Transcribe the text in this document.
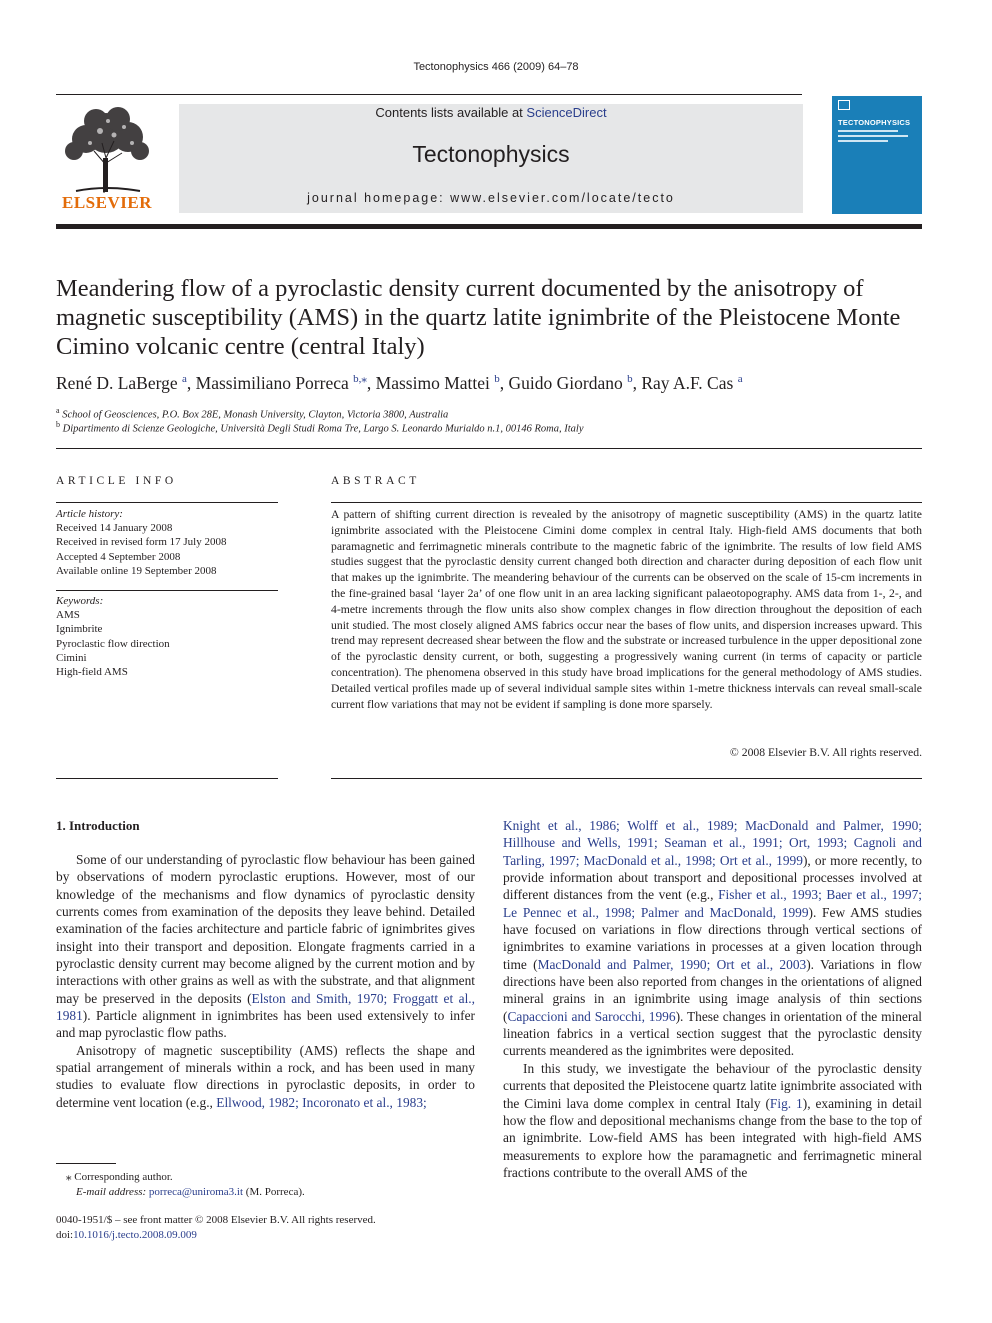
Tectonophysics 466 (2009) 64–78
ELSEVIER
Contents lists available at ScienceDirect
Tectonophysics
journal homepage: www.elsevier.com/locate/tecto
TECTONOPHYSICS
Meandering flow of a pyroclastic density current documented by the anisotropy of magnetic susceptibility (AMS) in the quartz latite ignimbrite of the Pleistocene Monte Cimino volcanic centre (central Italy)
René D. LaBerge $^a$, Massimiliano Porreca $^{b,⁎}$, Massimo Mattei $^b$, Guido Giordano $^b$, Ray A.F. Cas $^a$
$^a$ School of Geosciences, P.O. Box 28E, Monash University, Clayton, Victoria 3800, Australia
$^b$ Dipartimento di Scienze Geologiche, Università Degli Studi Roma Tre, Largo S. Leonardo Murialdo n.1, 00146 Roma, Italy
ARTICLE INFO	ABSTRACT
Article history:
Received 14 January 2008
Received in revised form 17 July 2008
Accepted 4 September 2008
Available online 19 September 2008
Keywords:
AMS
Ignimbrite
Pyroclastic flow direction
Cimini
High-field AMS
A pattern of shifting current direction is revealed by the anisotropy of magnetic susceptibility (AMS) in the quartz latite ignimbrite associated with the Pleistocene Cimini dome complex in central Italy. High-field AMS documents that both paramagnetic and ferrimagnetic minerals contribute to the magnetic fabric of the ignimbrite. The results of low field AMS studies suggest that the pyroclastic density current changed both direction and character during deposition of each flow unit that makes up the ignimbrite. The meandering behaviour of the currents can be observed on the scale of 15-cm increments in the fine-grained basal ‘layer 2a’ of one flow unit in an area lacking significant palaeotopography. AMS data from 1-, 2-, and 4-metre increments through the flow units also show complex changes in flow direction throughout the deposition of each unit studied. The most closely aligned AMS fabrics occur near the bases of flow units, and dispersion increases upward. This trend may represent decreased shear between the flow and the substrate or increased turbulence in the upper depositional zone of the pyroclastic density current, or both, suggesting a progressively waning current (in terms of capacity or particle concentration). The phenomena observed in this study have broad implications for the general methodology of AMS studies. Detailed vertical profiles made up of several individual sample sites within 1-metre thickness intervals can reveal small-scale current flow variations that may not be evident if sampling is done more sparsely.
© 2008 Elsevier B.V. All rights reserved.
1. Introduction

Some of our understanding of pyroclastic flow behaviour has been gained by observations of modern pyroclastic eruptions. However, most of our knowledge of the mechanisms and flow dynamics of pyroclastic density currents comes from examination of the deposits they leave behind. Detailed examination of the facies architecture and particle fabric of ignimbrites gives insight into their transport and deposition. Elongate fragments carried in a pyroclastic density current may become aligned by the current motion and by interactions with other grains as well as with the substrate, and that alignment may be preserved in the deposits (Elston and Smith, 1970; Froggatt et al., 1981). Particle alignment in ignimbrites has been used extensively to infer and map pyroclastic flow paths.

Anisotropy of magnetic susceptibility (AMS) reflects the shape and spatial arrangement of minerals within a rock, and has been used in many studies to evaluate flow directions in pyroclastic deposits, in order to determine vent location (e.g., Ellwood, 1982; Incoronato et al., 1983;

Knight et al., 1986; Wolff et al., 1989; MacDonald and Palmer, 1990; Hillhouse and Wells, 1991; Seaman et al., 1991; Ort, 1993; Cagnoli and Tarling, 1997; MacDonald et al., 1998; Ort et al., 1999), or more recently, to provide information about transport and depositional processes involved at different distances from the vent (e.g., Fisher et al., 1993; Baer et al., 1997; Le Pennec et al., 1998; Palmer and MacDonald, 1999). Few AMS studies have focused on variations in flow directions through vertical sections of ignimbrites to examine variations in processes at a given location through time (MacDonald and Palmer, 1990; Ort et al., 2003). Variations in flow directions have been also reported from changes in the orientations of aligned mineral grains in an ignimbrite using image analysis of thin sections (Capaccioni and Sarocchi, 1996). These changes in orientation of the mineral lineation fabrics in a vertical section suggest that the pyroclastic density currents meandered as the ignimbrites were deposited.

In this study, we investigate the behaviour of the pyroclastic density currents that deposited the Pleistocene quartz latite ignimbrite associated with the Cimini lava dome complex in central Italy (Fig. 1), examining in detail how the flow and depositional mechanisms change from the base to the top of an ignimbrite. Low-field AMS has been integrated with high-field AMS measurements to explore how the paramagnetic and ferrimagnetic mineral fractions contribute to the overall AMS of the

⁎ Corresponding author.
E-mail address: porreca@uniroma3.it (M. Porreca).
0040-1951/$ – see front matter © 2008 Elsevier B.V. All rights reserved.
doi:10.1016/j.tecto.2008.09.009
